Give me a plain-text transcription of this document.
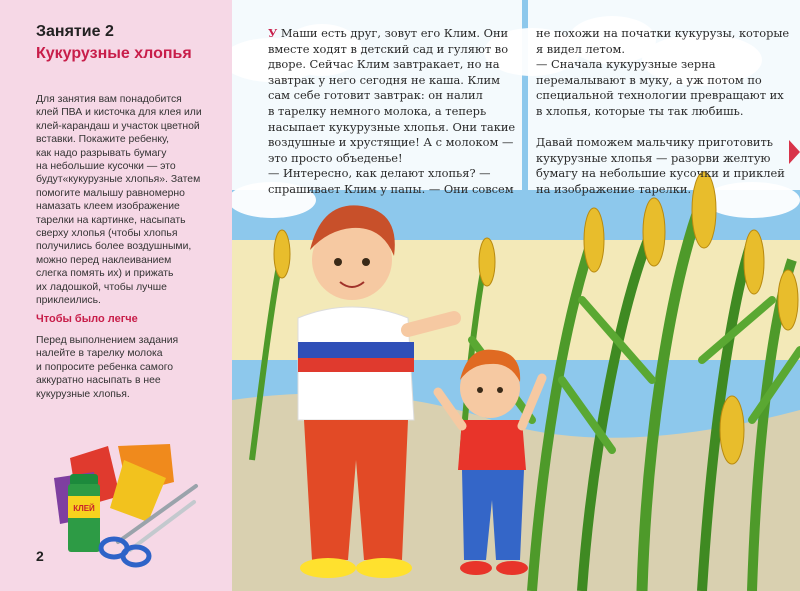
Занятие 2
Кукурузные хлопья

Для занятия вам понадобится
клей ПВА и кисточка для клея или
клей-карандаш и участок цветной
вставки. Покажите ребенку,
как надо разрывать бумагу
на небольшие кусочки — это
будут«кукурузные хлопья». Затем
помогите малышу равномерно
намазать клеем изображение
тарелки на картинке, насыпать
сверху хлопья (чтобы хлопья
получились более воздушными,
можно перед наклеиванием
слегка помять их) и прижать
их ладошкой, чтобы лучше
приклеились.

Чтобы было легче

Перед выполнением задания
налейте в тарелку молока
и попросите ребенка самого
аккуратно насыпать в нее
кукурузные хлопья.

КЛЕЙ
2

У Маши есть друг, зовут его Клим. Они
вместе ходят в детский сад и гуляют во
дворе. Сейчас Клим завтракает, но на
завтрак у него сегодня не каша. Клим
сам себе готовит завтрак: он налил
в тарелку немного молока, а теперь
насыпает кукурузные хлопья. Они такие
воздушные и хрустящие! А с молоком —
это просто объеденье!
— Интересно, как делают хлопья? —
спрашивает Клим у папы. — Они совсем

не похожи на початки кукурузы, которые
я видел летом.
— Сначала кукурузные зерна
перемалывают в муку, а уж потом по
специальной технологии превращают их
в хлопья, которые ты так любишь.
Давай поможем мальчику приготовить
кукурузные хлопья — разорви желтую
бумагу на небольшие кусочки и приклей
на изображение тарелки.
